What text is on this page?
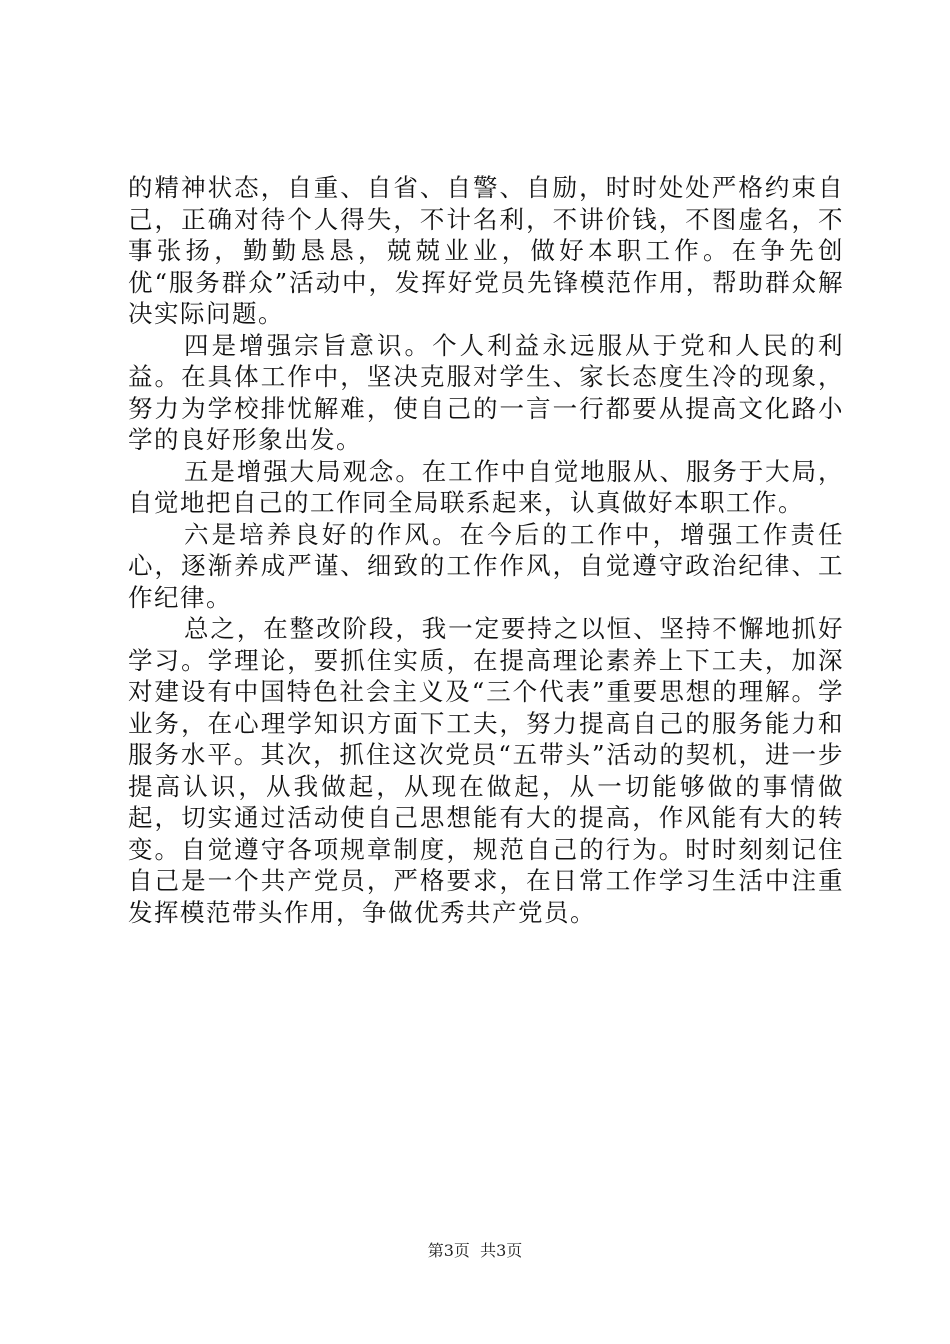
的精神状态，自重、自省、自警、自励，时时处处严格约束自己，正确对待个人得失，不计名利，不讲价钱，不图虚名，不事张扬，勤勤恳恳，兢兢业业，做好本职工作。在争先创优“服务群众”活动中，发挥好党员先锋模范作用，帮助群众解决实际问题。

四是增强宗旨意识。个人利益永远服从于党和人民的利益。在具体工作中，坚决克服对学生、家长态度生冷的现象，努力为学校排忧解难，使自己的一言一行都要从提高文化路小学的良好形象出发。

五是增强大局观念。在工作中自觉地服从、服务于大局，自觉地把自己的工作同全局联系起来，认真做好本职工作。

六是培养良好的作风。在今后的工作中，增强工作责任心，逐渐养成严谨、细致的工作作风，自觉遵守政治纪律、工作纪律。

总之，在整改阶段，我一定要持之以恒、坚持不懈地抓好学习。学理论，要抓住实质，在提高理论素养上下工夫，加深对建设有中国特色社会主义及“三个代表”重要思想的理解。学业务，在心理学知识方面下工夫，努力提高自己的服务能力和服务水平。其次，抓住这次党员“五带头”活动的契机，进一步提高认识，从我做起，从现在做起，从一切能够做的事情做起，切实通过活动使自己思想能有大的提高，作风能有大的转变。自觉遵守各项规章制度，规范自己的行为。时时刻刻记住自己是一个共产党员，严格要求，在日常工作学习生活中注重发挥模范带头作用，争做优秀共产党员。

第3页  共3页
